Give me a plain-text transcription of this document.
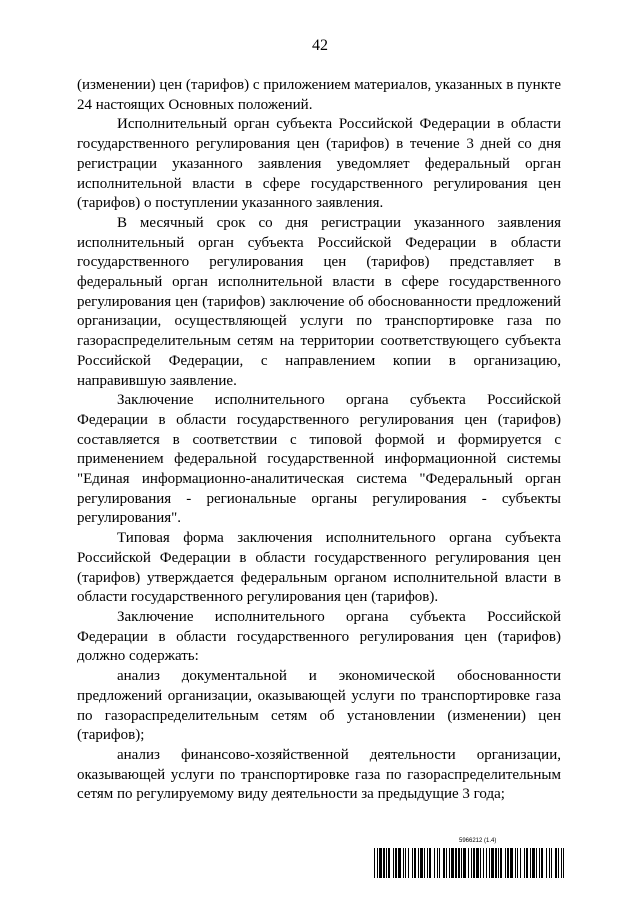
42

(изменении) цен (тарифов) с приложением материалов, указанных в пункте 24 настоящих Основных положений.

Исполнительный орган субъекта Российской Федерации в области государственного регулирования цен (тарифов) в течение 3 дней со дня регистрации указанного заявления уведомляет федеральный орган исполнительной власти в сфере государственного регулирования цен (тарифов) о поступлении указанного заявления.

В месячный срок со дня регистрации указанного заявления исполнительный орган субъекта Российской Федерации в области государственного регулирования цен (тарифов) представляет в федеральный орган исполнительной власти в сфере государственного регулирования цен (тарифов) заключение об обоснованности предложений организации, осуществляющей услуги по транспортировке газа по газораспределительным сетям на территории соответствующего субъекта Российской Федерации, с направлением копии в организацию, направившую заявление.

Заключение исполнительного органа субъекта Российской Федерации в области государственного регулирования цен (тарифов) составляется в соответствии с типовой формой и формируется с применением федеральной государственной информационной системы "Единая информационно-аналитическая система "Федеральный орган регулирования - региональные органы регулирования - субъекты регулирования".

Типовая форма заключения исполнительного органа субъекта Российской Федерации в области государственного регулирования цен (тарифов) утверждается федеральным органом исполнительной власти в области государственного регулирования цен (тарифов).

Заключение исполнительного органа субъекта Российской Федерации в области государственного регулирования цен (тарифов) должно содержать:

анализ документальной и экономической обоснованности предложений организации, оказывающей услуги по транспортировке газа по газораспределительным сетям об установлении (изменении) цен (тарифов);

анализ финансово-хозяйственной деятельности организации, оказывающей услуги по транспортировке газа по газораспределительным сетям по регулируемому виду деятельности за предыдущие 3 года;

5966212 (1.4)
